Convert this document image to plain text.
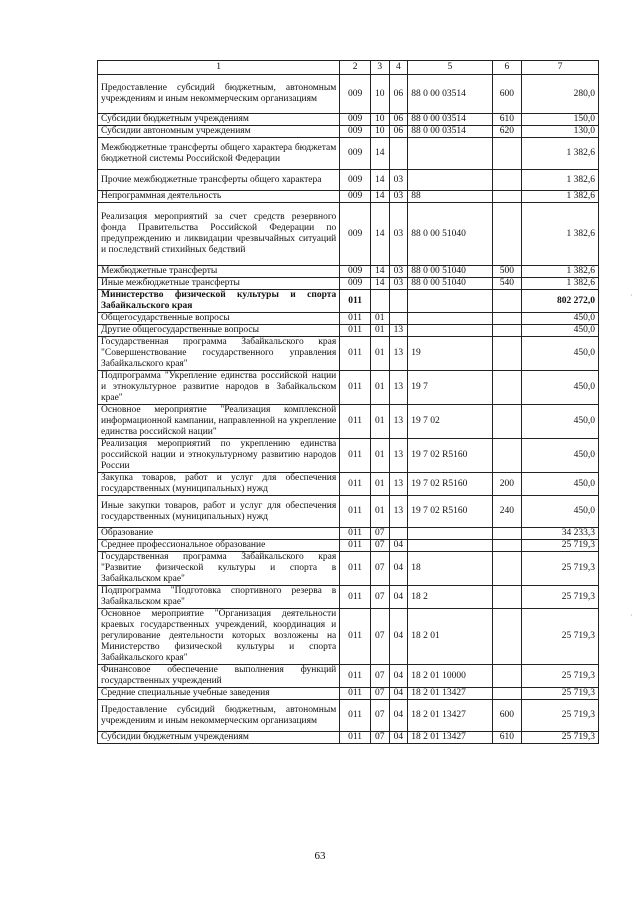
1	2	3	4	5	6	7
Предоставление субсидий бюджетным, автономным учреждениям и иным некоммерческим организациям	009	10	06	88 0 00 03514	600	280,0
Субсидии бюджетным учреждениям	009	10	06	88 0 00 03514	610	150,0
Субсидии автономным учреждениям	009	10	06	88 0 00 03514	620	130,0
Межбюджетные трансферты общего характера бюджетам бюджетной системы Российской Федерации	009	14				1 382,6
Прочие межбюджетные трансферты общего характера	009	14	03			1 382,6
Непрограммная деятельность	009	14	03	88		1 382,6
Реализация мероприятий за счет средств резервного фонда Правительства Российской Федерации по предупреждению и ликвидации чрезвычайных ситуаций и последствий стихийных бедствий	009	14	03	88 0 00 51040		1 382,6
Межбюджетные трансферты	009	14	03	88 0 00 51040	500	1 382,6
Иные межбюджетные трансферты	009	14	03	88 0 00 51040	540	1 382,6
Министерство физической культуры и спорта Забайкальского края	011					802 272,0
Общегосударственные вопросы	011	01				450,0
Другие общегосударственные вопросы	011	01	13			450,0
Государственная программа Забайкальского края "Совершенствование государственного управления Забайкальского края"	011	01	13	19		450,0
Подпрограмма "Укрепление единства российской нации и этнокультурное развитие народов в Забайкальском крае"	011	01	13	19 7		450,0
Основное мероприятие "Реализация комплексной информационной кампании, направленной на укрепление единства российской нации"	011	01	13	19 7 02		450,0
Реализация мероприятий по укреплению единства российской нации и этнокультурному развитию народов России	011	01	13	19 7 02 R5160		450,0
Закупка товаров, работ и услуг для обеспечения государственных (муниципальных) нужд	011	01	13	19 7 02 R5160	200	450,0
Иные закупки товаров, работ и услуг для обеспечения государственных (муниципальных) нужд	011	01	13	19 7 02 R5160	240	450,0
Образование	011	07				34 233,3
Среднее профессиональное образование	011	07	04			25 719,3
Государственная программа Забайкальского края "Развитие физической культуры и спорта в Забайкальском крае"	011	07	04	18		25 719,3
Подпрограмма "Подготовка спортивного резерва в Забайкальском крае"	011	07	04	18 2		25 719,3
Основное мероприятие "Организация деятельности краевых государственных учреждений, координация и регулирование деятельности которых возложены на Министерство физической культуры и спорта Забайкальского края"	011	07	04	18 2 01		25 719,3
Финансовое обеспечение выполнения функций государственных учреждений	011	07	04	18 2 01 10000		25 719,3
Средние специальные учебные заведения	011	07	04	18 2 01 13427		25 719,3
Предоставление субсидий бюджетным, автономным учреждениям и иным некоммерческим организациям	011	07	04	18 2 01 13427	600	25 719,3
Субсидии бюджетным учреждениям	011	07	04	18 2 01 13427	610	25 719,3
63
·
·
